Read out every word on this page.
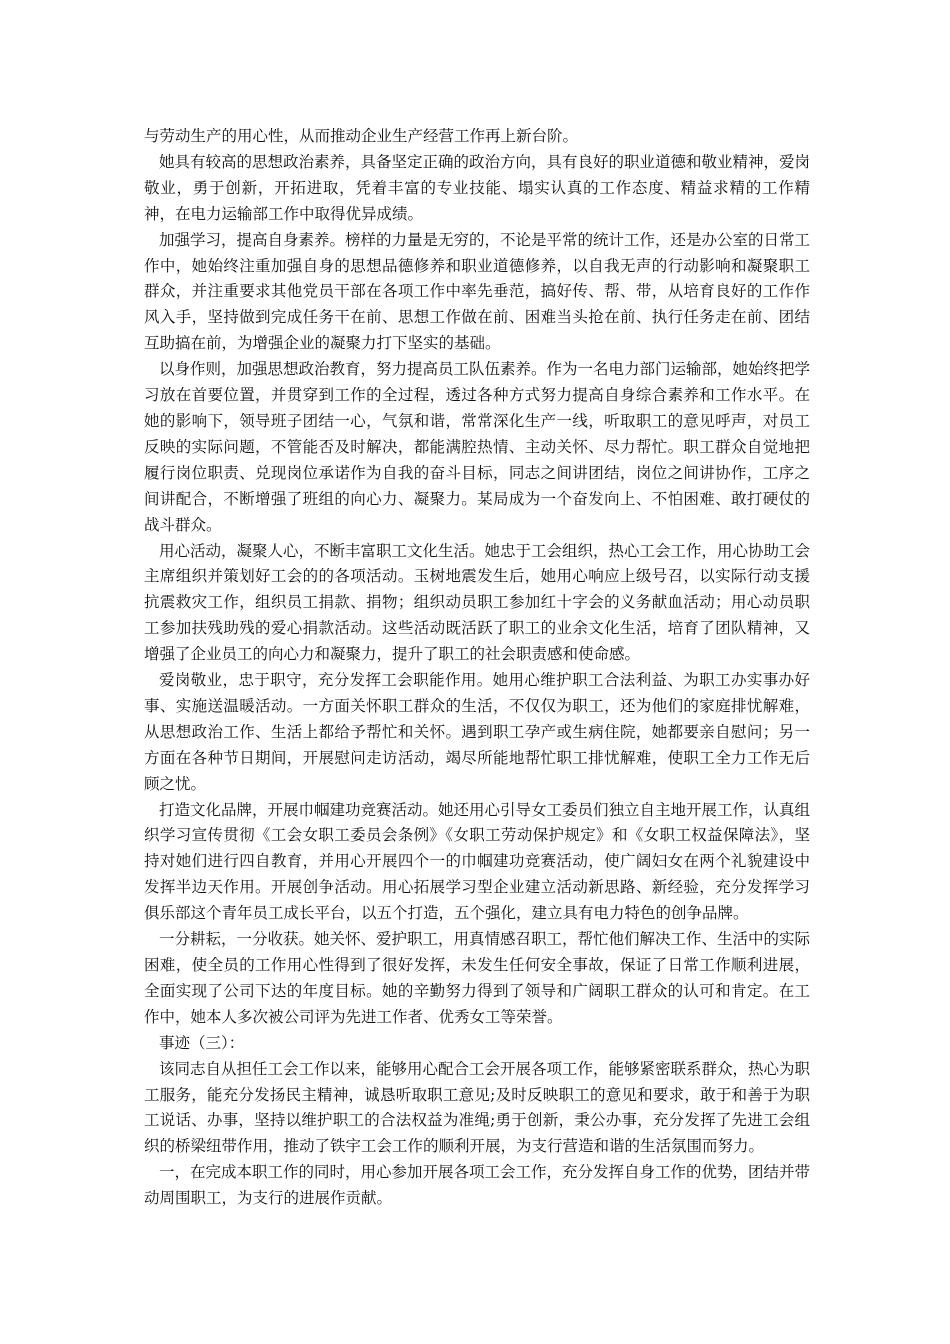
与劳动生产的用心性，从而推动企业生产经营工作再上新台阶。

她具有较高的思想政治素养，具备坚定正确的政治方向，具有良好的职业道德和敬业精神，爱岗敬业，勇于创新，开拓进取，凭着丰富的专业技能、塌实认真的工作态度、精益求精的工作精神，在电力运输部工作中取得优异成绩。

加强学习，提高自身素养。榜样的力量是无穷的，不论是平常的统计工作，还是办公室的日常工作中，她始终注重加强自身的思想品德修养和职业道德修养，以自我无声的行动影响和凝聚职工群众，并注重要求其他党员干部在各项工作中率先垂范，搞好传、帮、带，从培育良好的工作作风入手，坚持做到完成任务干在前、思想工作做在前、困难当头抢在前、执行任务走在前、团结互助搞在前，为增强企业的凝聚力打下坚实的基础。

以身作则，加强思想政治教育，努力提高员工队伍素养。作为一名电力部门运输部，她始终把学习放在首要位置，并贯穿到工作的全过程，透过各种方式努力提高自身综合素养和工作水平。在她的影响下，领导班子团结一心，气氛和谐，常常深化生产一线，听取职工的意见呼声，对员工反映的实际问题，不管能否及时解决，都能满腔热情、主动关怀、尽力帮忙。职工群众自觉地把履行岗位职责、兑现岗位承诺作为自我的奋斗目标，同志之间讲团结，岗位之间讲协作，工序之间讲配合，不断增强了班组的向心力、凝聚力。某局成为一个奋发向上、不怕困难、敢打硬仗的战斗群众。

用心活动，凝聚人心，不断丰富职工文化生活。她忠于工会组织，热心工会工作，用心协助工会主席组织并策划好工会的的各项活动。玉树地震发生后，她用心响应上级号召，以实际行动支援抗震救灾工作，组织员工捐款、捐物；组织动员职工参加红十字会的义务献血活动；用心动员职工参加扶残助残的爱心捐款活动。这些活动既活跃了职工的业余文化生活，培育了团队精神，又增强了企业员工的向心力和凝聚力，提升了职工的社会职责感和使命感。

爱岗敬业，忠于职守，充分发挥工会职能作用。她用心维护职工合法利益、为职工办实事办好事、实施送温暖活动。一方面关怀职工群众的生活，不仅仅为职工，还为他们的家庭排忧解难，从思想政治工作、生活上都给予帮忙和关怀。遇到职工孕产或生病住院，她都要亲自慰问；另一方面在各种节日期间，开展慰问走访活动，竭尽所能地帮忙职工排忧解难，使职工全力工作无后顾之忧。

打造文化品牌，开展巾帼建功竞赛活动。她还用心引导女工委员们独立自主地开展工作，认真组织学习宣传贯彻《工会女职工委员会条例》《女职工劳动保护规定》和《女职工权益保障法》，坚持对她们进行四自教育，并用心开展四个一的巾帼建功竞赛活动，使广阔妇女在两个礼貌建设中发挥半边天作用。开展创争活动。用心拓展学习型企业建立活动新思路、新经验，充分发挥学习俱乐部这个青年员工成长平台，以五个打造，五个强化，建立具有电力特色的创争品牌。

一分耕耘，一分收获。她关怀、爱护职工，用真情感召职工，帮忙他们解决工作、生活中的实际困难，使全员的工作用心性得到了很好发挥，未发生任何安全事故，保证了日常工作顺利进展，全面实现了公司下达的年度目标。她的辛勤努力得到了领导和广阔职工群众的认可和肯定。在工作中，她本人多次被公司评为先进工作者、优秀女工等荣誉。

事迹（三）：

该同志自从担任工会工作以来，能够用心配合工会开展各项工作，能够紧密联系群众，热心为职工服务，能充分发扬民主精神，诚恳听取职工意见;及时反映职工的意见和要求，敢于和善于为职工说话、办事，坚持以维护职工的合法权益为准绳;勇于创新，秉公办事，充分发挥了先进工会组织的桥梁纽带作用，推动了铁宇工会工作的顺利开展，为支行营造和谐的生活氛围而努力。

一，在完成本职工作的同时，用心参加开展各项工会工作，充分发挥自身工作的优势，团结并带动周围职工，为支行的进展作贡献。
